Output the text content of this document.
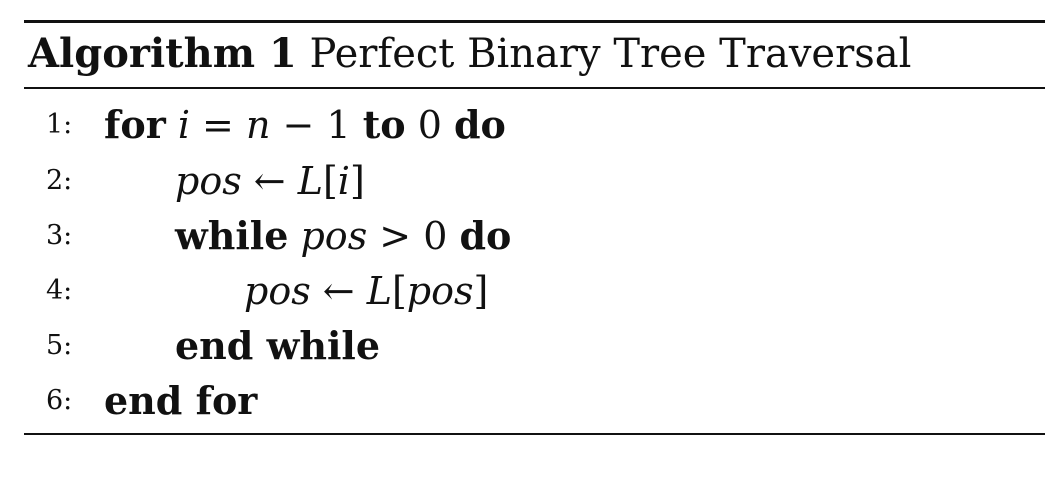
Algorithm 1 Perfect Binary Tree Traversal
1: for i = n − 1 to 0 do
2:	pos ← L[i]
3:	while pos > 0 do
4:	pos ← L[pos]
5:	end while
6: end for
